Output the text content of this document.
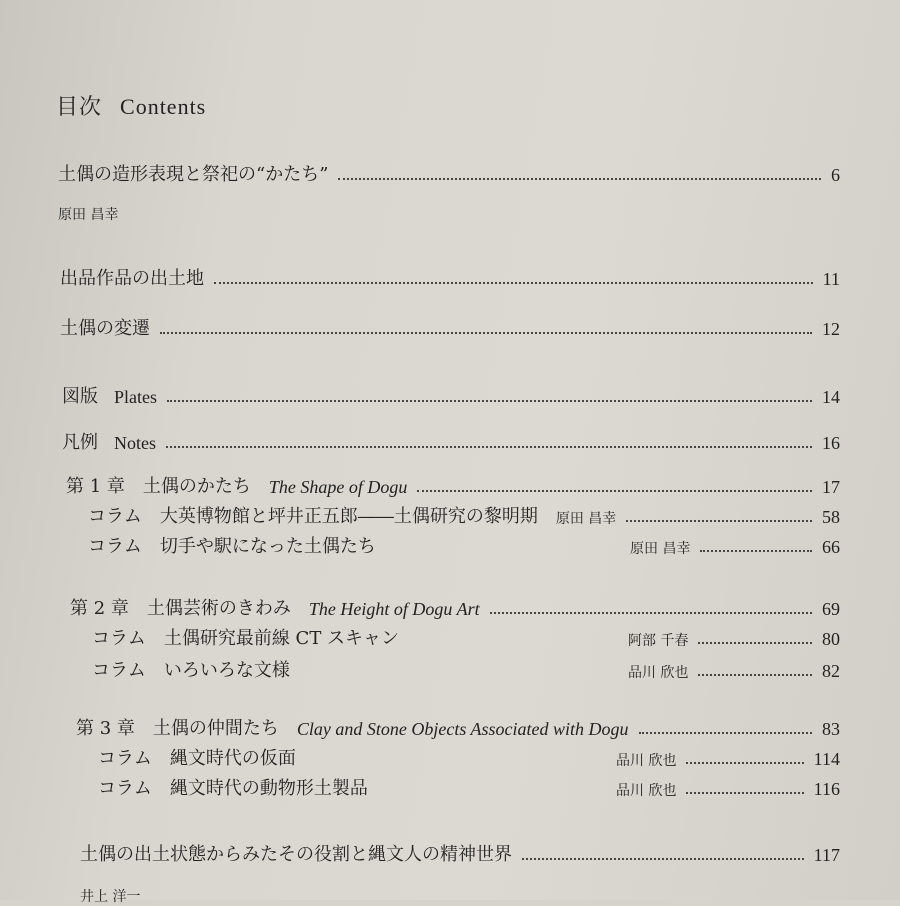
目次 Contents
土偶の造形表現と祭祀の“かたち”	6
原田 昌幸
出品作品の出土地	11
土偶の変遷	12
図版 Plates	14
凡例 Notes	16
第 1 章　土偶のかたち The Shape of Dogu	17
コラム　大英博物館と坪井正五郎――土偶研究の黎明期 原田 昌幸	58
コラム　切手や駅になった土偶たち	原田 昌幸	66
第 2 章　土偶芸術のきわみ The Height of Dogu Art	69
コラム　土偶研究最前線 CT スキャン	阿部 千春	80
コラム　いろいろな文様	品川 欣也	82
第 3 章　土偶の仲間たち Clay and Stone Objects Associated with Dogu	83
コラム　縄文時代の仮面	品川 欣也	114
コラム　縄文時代の動物形土製品	品川 欣也	116
土偶の出土状態からみたその役割と縄文人の精神世界	117
井上 洋一
